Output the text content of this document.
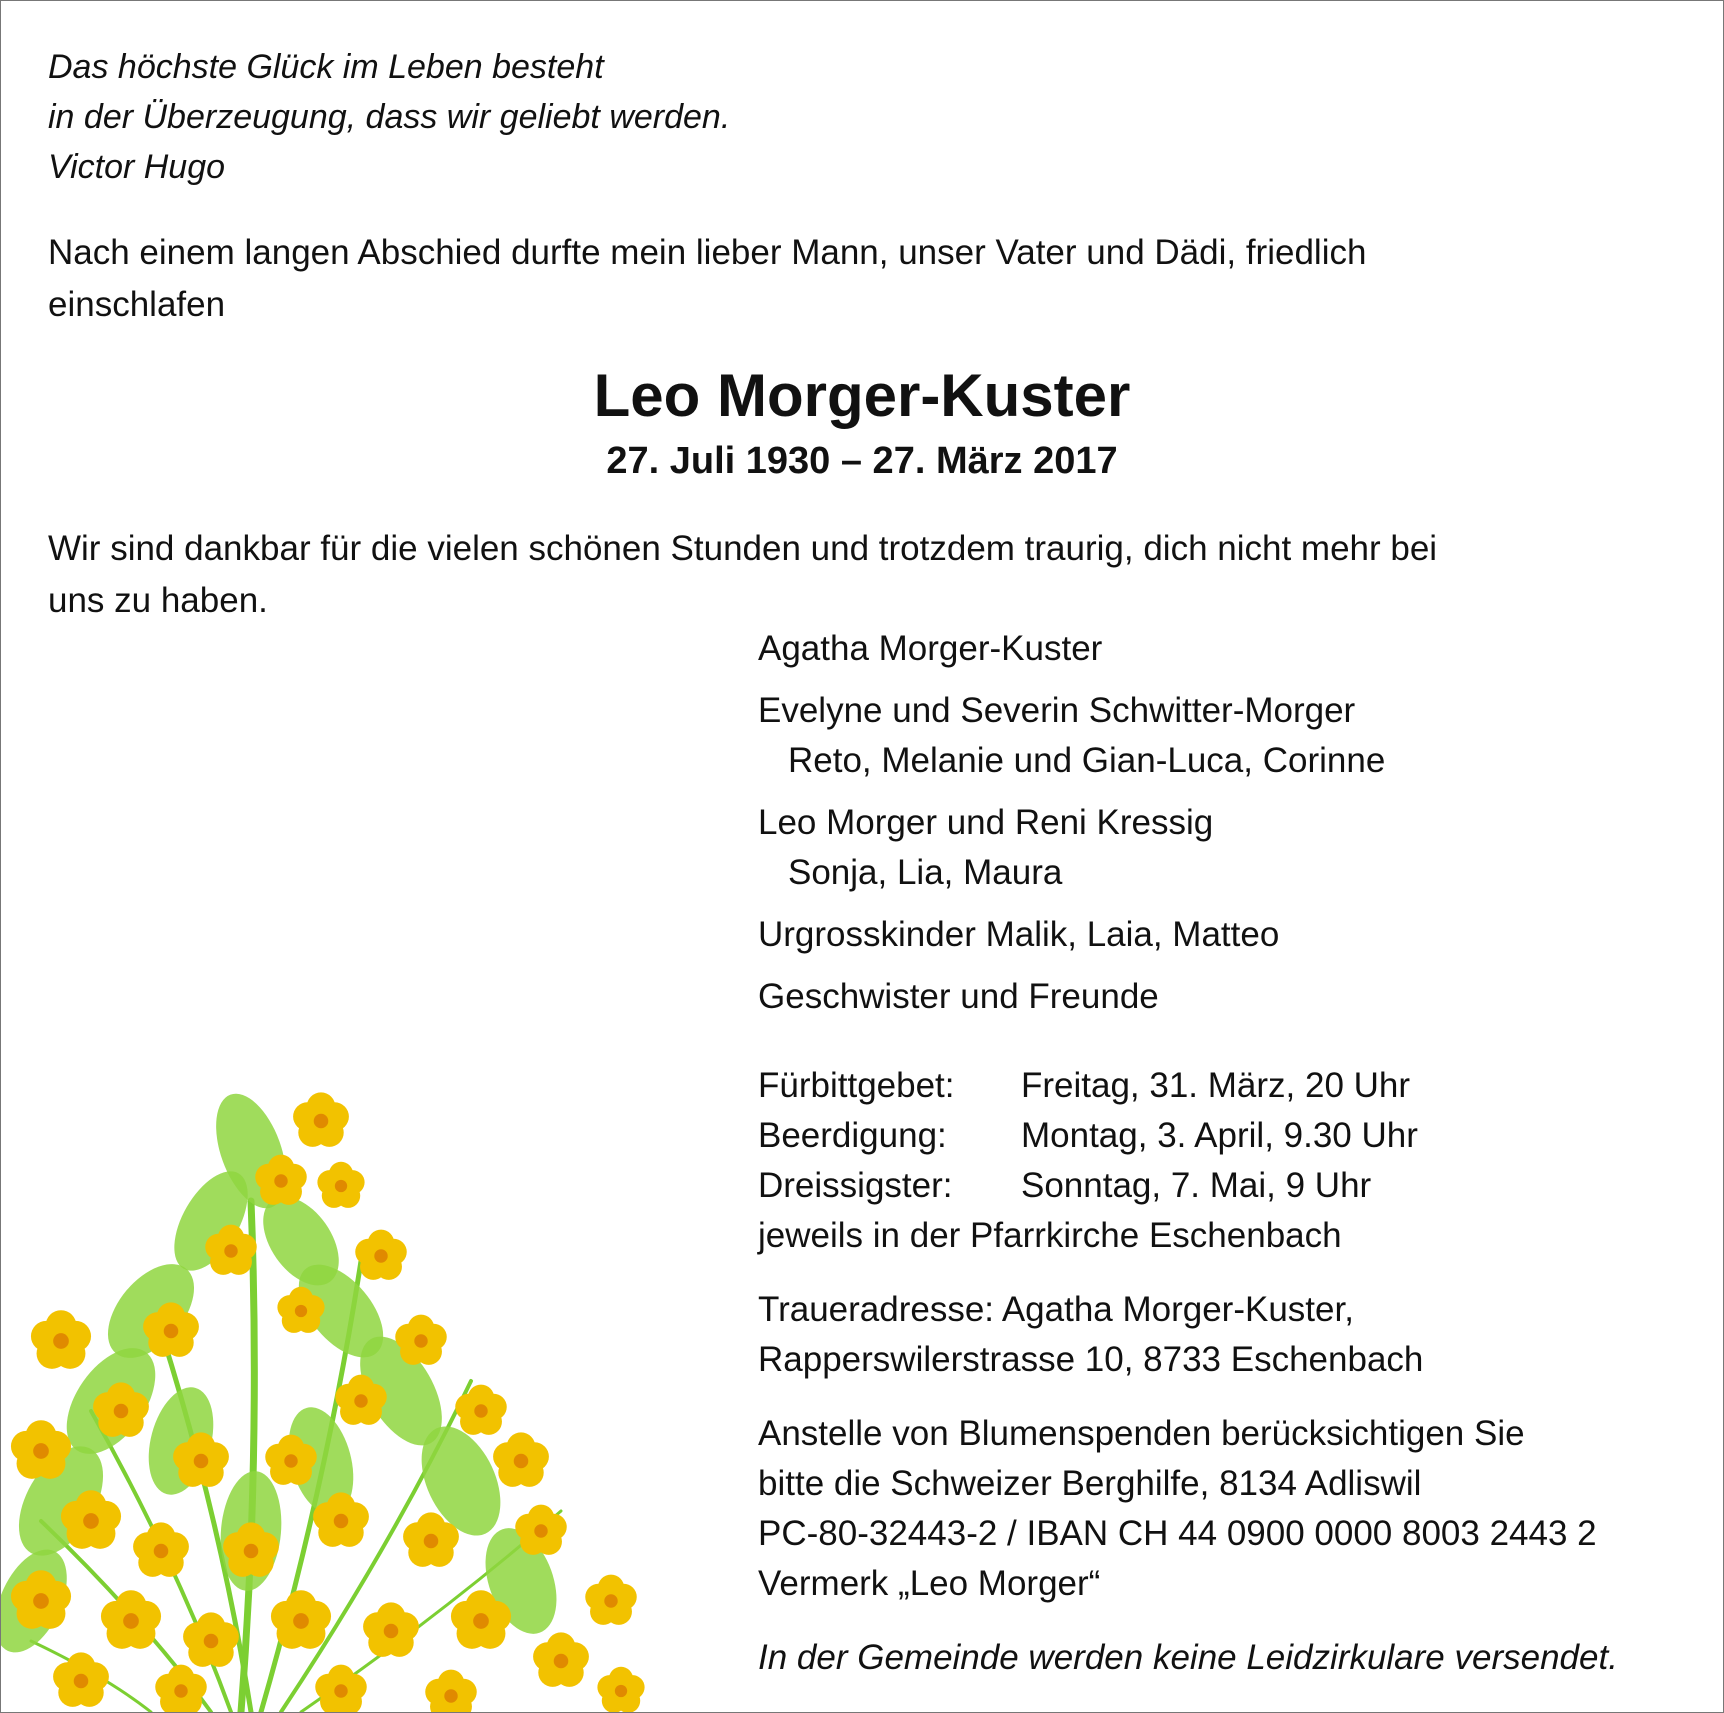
Das höchste Glück im Leben besteht

in der Überzeugung, dass wir geliebt werden.

Victor Hugo

Nach einem langen Abschied durfte mein lieber Mann, unser Vater und Dädi, friedlich

einschlafen

Leo Morger-Kuster

27. Juli 1930 – 27. März 2017

Wir sind dankbar für die vielen schönen Stunden und trotzdem traurig, dich nicht mehr bei

uns zu haben.

Agatha Morger-Kuster

Evelyne und Severin Schwitter-Morger

Reto, Melanie und Gian-Luca, Corinne

Leo Morger und Reni Kressig

Sonja, Lia, Maura

Urgrosskinder Malik, Laia, Matteo

Geschwister und Freunde

Fürbittgebet: Freitag, 31. März, 20 Uhr

Beerdigung: Montag, 3. April, 9.30 Uhr

Dreissigster: Sonntag, 7. Mai, 9 Uhr

jeweils in der Pfarrkirche Eschenbach

Traueradresse: Agatha Morger-Kuster,

Rapperswilerstrasse 10, 8733 Eschenbach

Anstelle von Blumenspenden berücksichtigen Sie

bitte die Schweizer Berghilfe, 8134 Adliswil

PC-80-32443-2 / IBAN CH 44 0900 0000 8003 2443 2

Vermerk „Leo Morger“

In der Gemeinde werden keine Leidzirkulare versendet.
